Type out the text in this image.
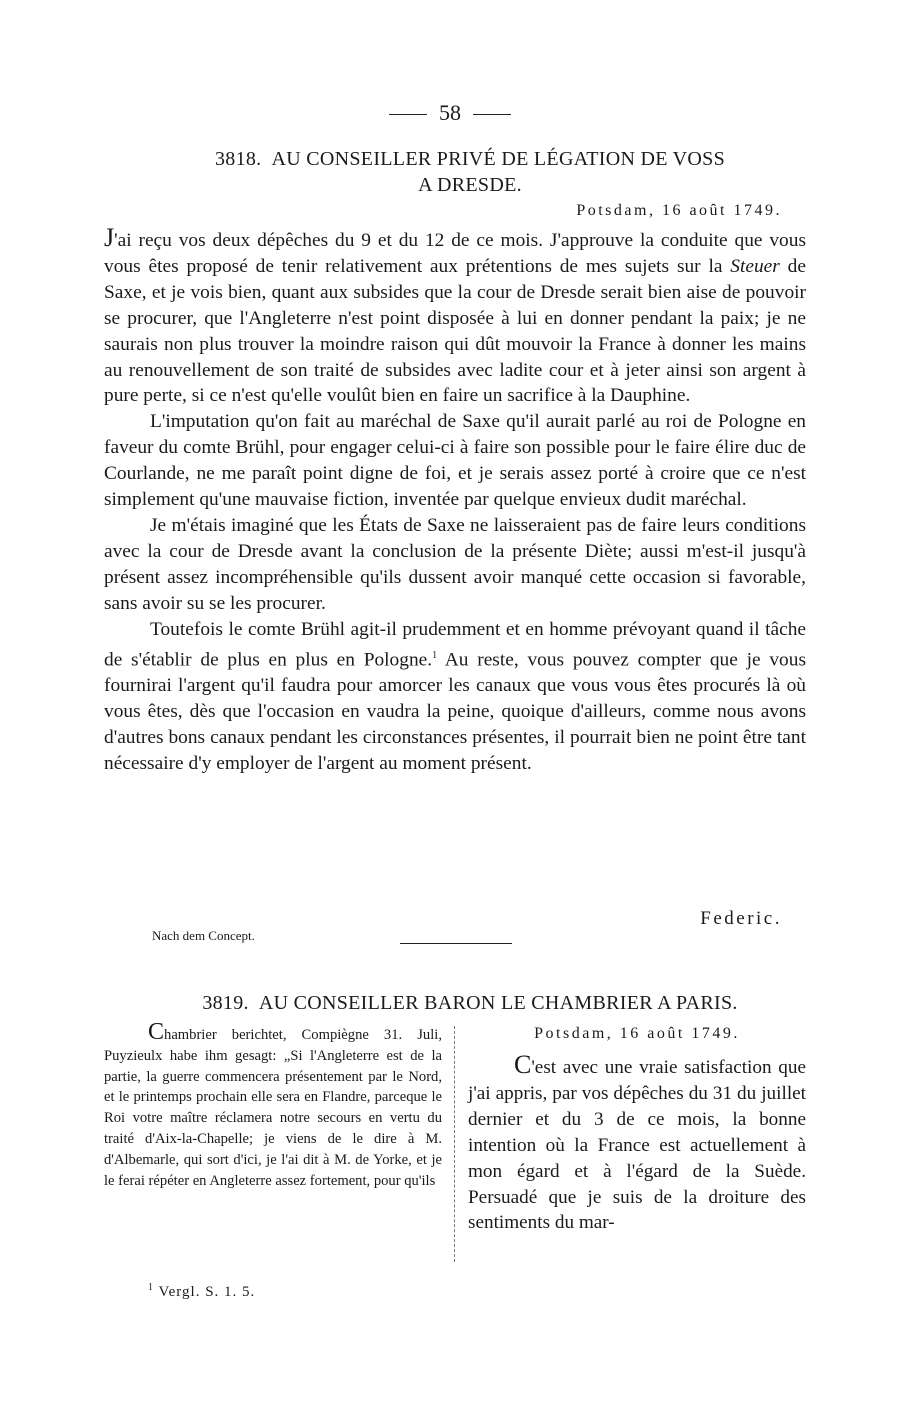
58
3818. AU CONSEILLER PRIVÉ DE LÉGATION DE VOSS
A DRESDE.
Potsdam, 16 août 1749.

J'ai reçu vos deux dépêches du 9 et du 12 de ce mois. J'approuve la conduite que vous vous êtes proposé de tenir relativement aux prétentions de mes sujets sur la Steuer de Saxe, et je vois bien, quant aux subsides que la cour de Dresde serait bien aise de pouvoir se procurer, que l'Angleterre n'est point disposée à lui en donner pendant la paix; je ne saurais non plus trouver la moindre raison qui dût mouvoir la France à donner les mains au renouvellement de son traité de subsides avec ladite cour et à jeter ainsi son argent à pure perte, si ce n'est qu'elle voulût bien en faire un sacrifice à la Dauphine.

L'imputation qu'on fait au maréchal de Saxe qu'il aurait parlé au roi de Pologne en faveur du comte Brühl, pour engager celui-ci à faire son possible pour le faire élire duc de Courlande, ne me paraît point digne de foi, et je serais assez porté à croire que ce n'est simplement qu'une mauvaise fiction, inventée par quelque envieux dudit maréchal.

Je m'étais imaginé que les États de Saxe ne laisseraient pas de faire leurs conditions avec la cour de Dresde avant la conclusion de la présente Diète; aussi m'est-il jusqu'à présent assez incompréhensible qu'ils dussent avoir manqué cette occasion si favorable, sans avoir su se les procurer.

Toutefois le comte Brühl agit-il prudemment et en homme prévoyant quand il tâche de s'établir de plus en plus en Pologne.$^1$ Au reste, vous pouvez compter que je vous fournirai l'argent qu'il faudra pour amorcer les canaux que vous vous êtes procurés là où vous êtes, dès que l'occasion en vaudra la peine, quoique d'ailleurs, comme nous avons d'autres bons canaux pendant les circonstances présentes, il pourrait bien ne point être tant nécessaire d'y employer de l'argent au moment présent.

Federic.
Nach dem Concept.
3819. AU CONSEILLER BARON LE CHAMBRIER A PARIS.

Chambrier berichtet, Compiègne 31. Juli, Puyzieulx habe ihm gesagt: „Si l'Angleterre est de la partie, la guerre commencera présentement par le Nord, et le printemps prochain elle sera en Flandre, parceque le Roi votre maître réclamera notre secours en vertu du traité d'Aix-la-Chapelle; je viens de le dire à M. d'Albemarle, qui sort d'ici, je l'ai dit à M. de Yorke, et je le ferai répéter en Angleterre assez fortement, pour qu'ils

Potsdam, 16 août 1749.

C'est avec une vraie satisfaction que j'ai appris, par vos dépêches du 31 du juillet dernier et du 3 de ce mois, la bonne intention où la France est actuellement à mon égard et à l'égard de la Suède. Persuadé que je suis de la droiture des sentiments du mar-

$^1$ Vergl. S. 1. 5.
